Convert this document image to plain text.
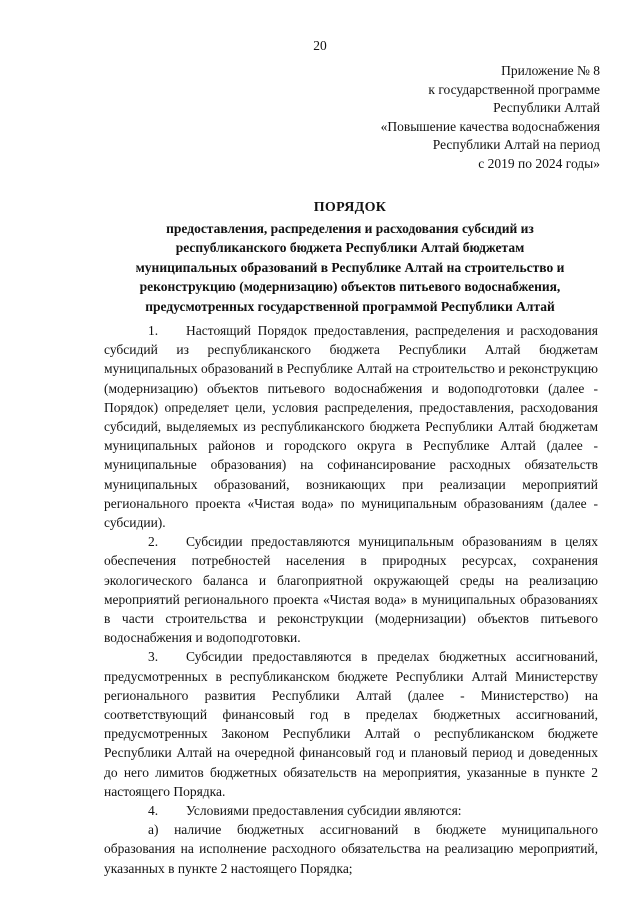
20
Приложение № 8
к государственной программе
Республики Алтай
«Повышение качества водоснабжения
Республики Алтай на период
с 2019 по 2024 годы»
ПОРЯДОК
предоставления, распределения и расходования субсидий из
республиканского бюджета Республики Алтай бюджетам
муниципальных образований в Республике Алтай на строительство и
реконструкцию (модернизацию) объектов питьевого водоснабжения,
предусмотренных государственной программой Республики Алтай

1. Настоящий Порядок предоставления, распределения и расходования субсидий из республиканского бюджета Республики Алтай бюджетам муниципальных образований в Республике Алтай на строительство и реконструкцию (модернизацию) объектов питьевого водоснабжения и водоподготовки (далее - Порядок) определяет цели, условия распределения, предоставления, расходования субсидий, выделяемых из республиканского бюджета Республики Алтай бюджетам муниципальных районов и городского округа в Республике Алтай (далее - муниципальные образования) на софинансирование расходных обязательств муниципальных образований, возникающих при реализации мероприятий регионального проекта «Чистая вода» по муниципальным образованиям (далее - субсидии).

2. Субсидии предоставляются муниципальным образованиям в целях обеспечения потребностей населения в природных ресурсах, сохранения экологического баланса и благоприятной окружающей среды на реализацию мероприятий регионального проекта «Чистая вода» в муниципальных образованиях в части строительства и реконструкции (модернизации) объектов питьевого водоснабжения и водоподготовки.

3. Субсидии предоставляются в пределах бюджетных ассигнований, предусмотренных в республиканском бюджете Республики Алтай Министерству регионального развития Республики Алтай (далее - Министерство) на соответствующий финансовый год в пределах бюджетных ассигнований, предусмотренных Законом Республики Алтай о республиканском бюджете Республики Алтай на очередной финансовый год и плановый период и доведенных до него лимитов бюджетных обязательств на мероприятия, указанные в пункте 2 настоящего Порядка.

4. Условиями предоставления субсидии являются:

а) наличие бюджетных ассигнований в бюджете муниципального образования на исполнение расходного обязательства на реализацию мероприятий, указанных в пункте 2 настоящего Порядка;
